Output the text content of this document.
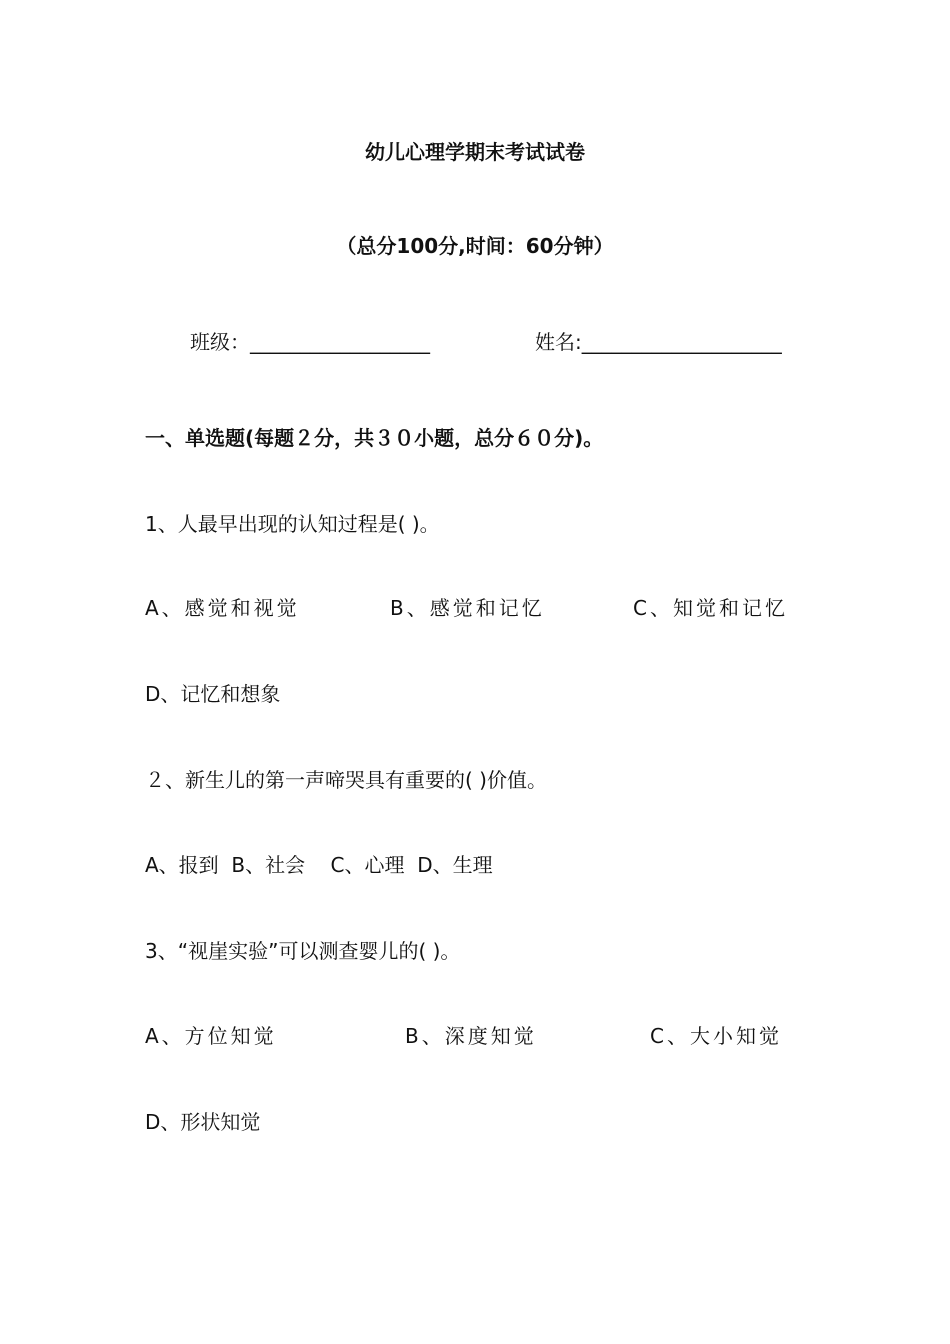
幼儿心理学期末考试试卷
（总分100分,时间：60分钟）
班级：__________________	姓名:____________________
一、单选题(每题２分，共３０小题，总分６０分)。
1、人最早出现的认知过程是( )。
A、感觉和视觉	B、感觉和记忆	C、知觉和记忆
D、记忆和想象
２、新生儿的第一声啼哭具有重要的( )价值。
A、报到  B、社会    C、心理  D、生理
3、“视崖实验”可以测查婴儿的( )。
A、方位知觉	B、深度知觉	C、大小知觉
D、形状知觉
